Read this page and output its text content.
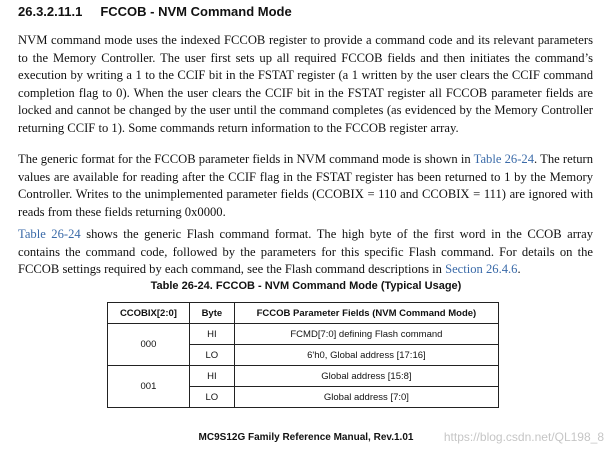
26.3.2.11.1 FCCOB - NVM Command Mode

NVM command mode uses the indexed FCCOB register to provide a command code and its relevant parameters to the Memory Controller. The user first sets up all required FCCOB fields and then initiates the command’s execution by writing a 1 to the CCIF bit in the FSTAT register (a 1 written by the user clears the CCIF command completion flag to 0). When the user clears the CCIF bit in the FSTAT register all FCCOB parameter fields are locked and cannot be changed by the user until the command completes (as evidenced by the Memory Controller returning CCIF to 1). Some commands return information to the FCCOB register array.

The generic format for the FCCOB parameter fields in NVM command mode is shown in Table 26-24. The return values are available for reading after the CCIF flag in the FSTAT register has been returned to 1 by the Memory Controller. Writes to the unimplemented parameter fields (CCOBIX = 110 and CCOBIX = 111) are ignored with reads from these fields returning 0x0000.

Table 26-24 shows the generic Flash command format. The high byte of the first word in the CCOB array contains the command code, followed by the parameters for this specific Flash command. For details on the FCCOB settings required by each command, see the Flash command descriptions in Section 26.4.6.

Table 26-24. FCCOB - NVM Command Mode (Typical Usage)
CCOBIX[2:0]	Byte	FCCOB Parameter Fields (NVM Command Mode)
000	HI	FCMD[7:0] defining Flash command
	LO	6'h0, Global address [17:16]
001	HI	Global address [15:8]
	LO	Global address [7:0]
MC9S12G Family Reference Manual, Rev.1.01	https://blog.csdn.net/QL198_8
